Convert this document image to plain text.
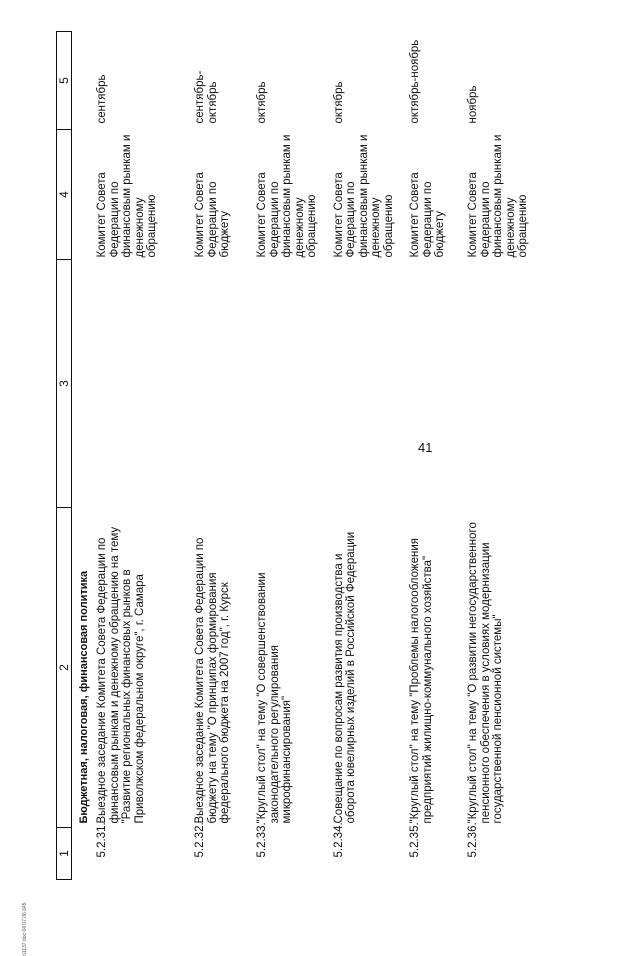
41
n1137.doc 04.07.06 645
1	2	3	4	5
	Бюджетная, налоговая, финансовая политика			
5.2.31.	Выездное заседание Комитета Совета Федерации по финансовым рынкам и денежному обращению на тему "Развитие региональных финансовых рынков в Приволжском федеральном округе", г. Самара		Комитет Совета Федерации по финансовым рынкам и денежному обращению	сентябрь
5.2.32.	Выездное заседание Комитета Совета Федерации по бюджету на тему "О принципах формирования федерального бюджета на 2007 год", г. Курск		Комитет Совета Федерации по бюджету	сентябрь-октябрь
5.2.33.	"Круглый стол" на тему "О совершенствовании законодательного регулирования микрофинансирования"		Комитет Совета Федерации по финансовым рынкам и денежному обращению	октябрь
5.2.34.	Совещание по вопросам развития производства и оборота ювелирных изделий в Российской Федерации		Комитет Совета Федерации по финансовым рынкам и денежному обращению	октябрь
5.2.35.	"Круглый стол" на тему "Проблемы налогообложения предприятий жилищно-коммунального хозяйства"		Комитет Совета Федерации по бюджету	октябрь-ноябрь
5.2.36.	"Круглый стол" на тему "О развитии негосударственного пенсионного обеспечения в условиях модернизации государственной пенсионной системы"		Комитет Совета Федерации по финансовым рынкам и денежному обращению	ноябрь
